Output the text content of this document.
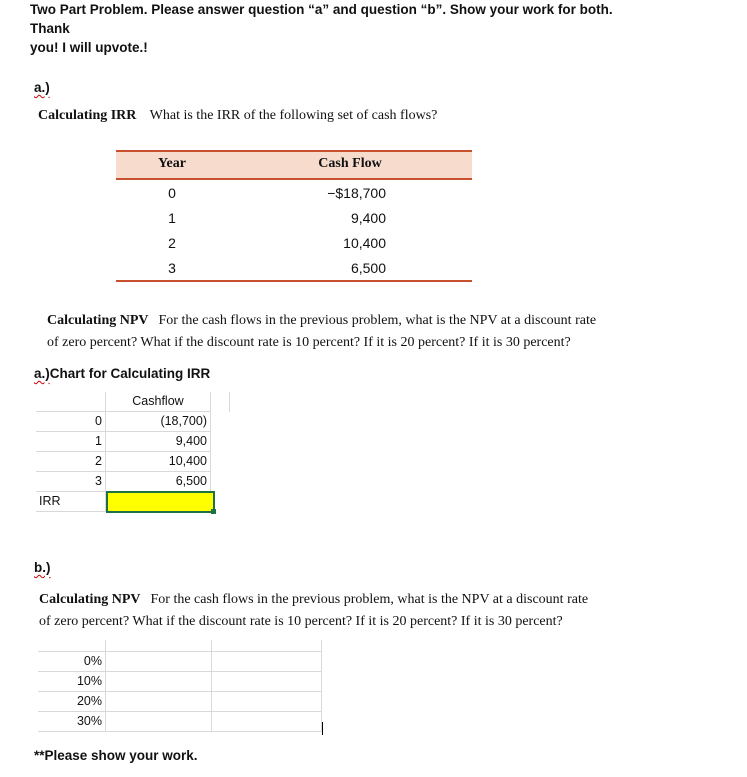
Two Part Problem. Please answer question “a” and question “b”. Show your work for both. Thank
you! I will upvote.!
a.)
Calculating IRR What is the IRR of the following set of cash flows?
Year	Cash Flow
0	−$18,700
1	9,400
2	10,400
3	6,500
Calculating NPV For the cash flows in the previous problem, what is the NPV at a discount rate
of zero percent? What if the discount rate is 10 percent? If it is 20 percent? If it is 30 percent?
a.)Chart for Calculating IRR
Cashflow
0	(18,700)
1	9,400
2	10,400
3	6,500
IRR
b.)
Calculating NPV For the cash flows in the previous problem, what is the NPV at a discount rate
of zero percent? What if the discount rate is 10 percent? If it is 20 percent? If it is 30 percent?
0%
10%
20%
30%
**Please show your work.
